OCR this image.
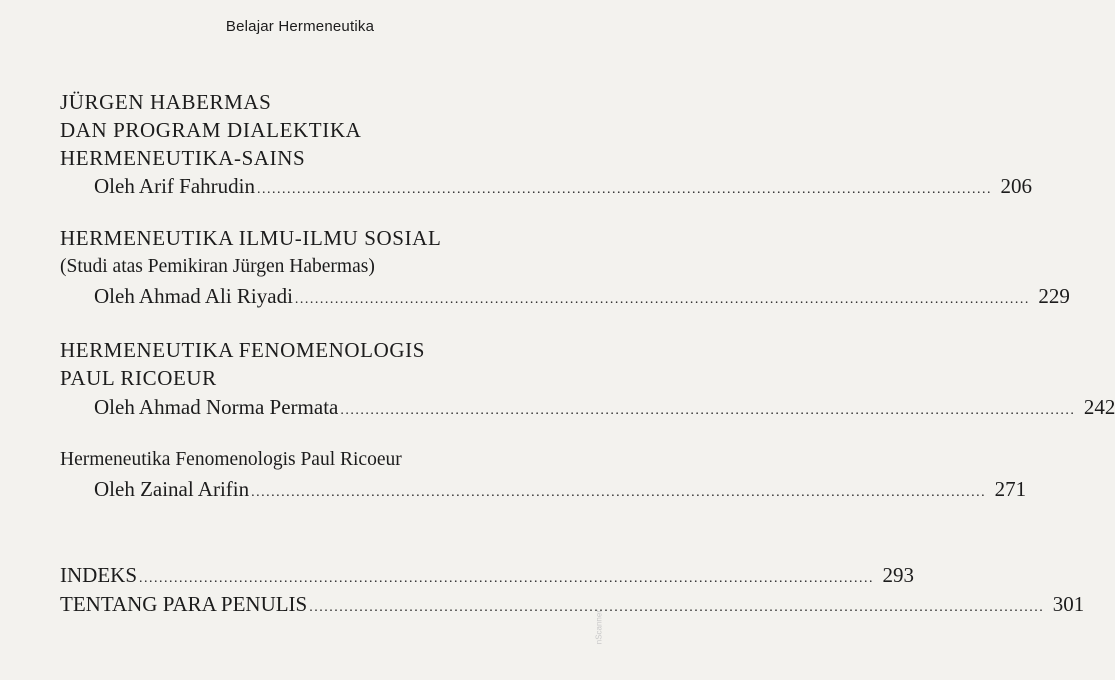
Belajar Hermeneutika
JÜRGEN HABERMAS
DAN PROGRAM DIALEKTIKA
HERMENEUTIKA-SAINS
Oleh Arif Fahrudin .....	206
HERMENEUTIKA ILMU-ILMU SOSIAL
(Studi atas Pemikiran Jürgen Habermas)
Oleh Ahmad Ali Riyadi .....	229
HERMENEUTIKA FENOMENOLOGIS
PAUL RICOEUR
Oleh Ahmad Norma Permata .....	242
Hermeneutika Fenomenologis Paul Ricoeur
Oleh Zainal Arifin .....	271
INDEKS .....	293
TENTANG PARA PENULIS .....	301
nScanner
